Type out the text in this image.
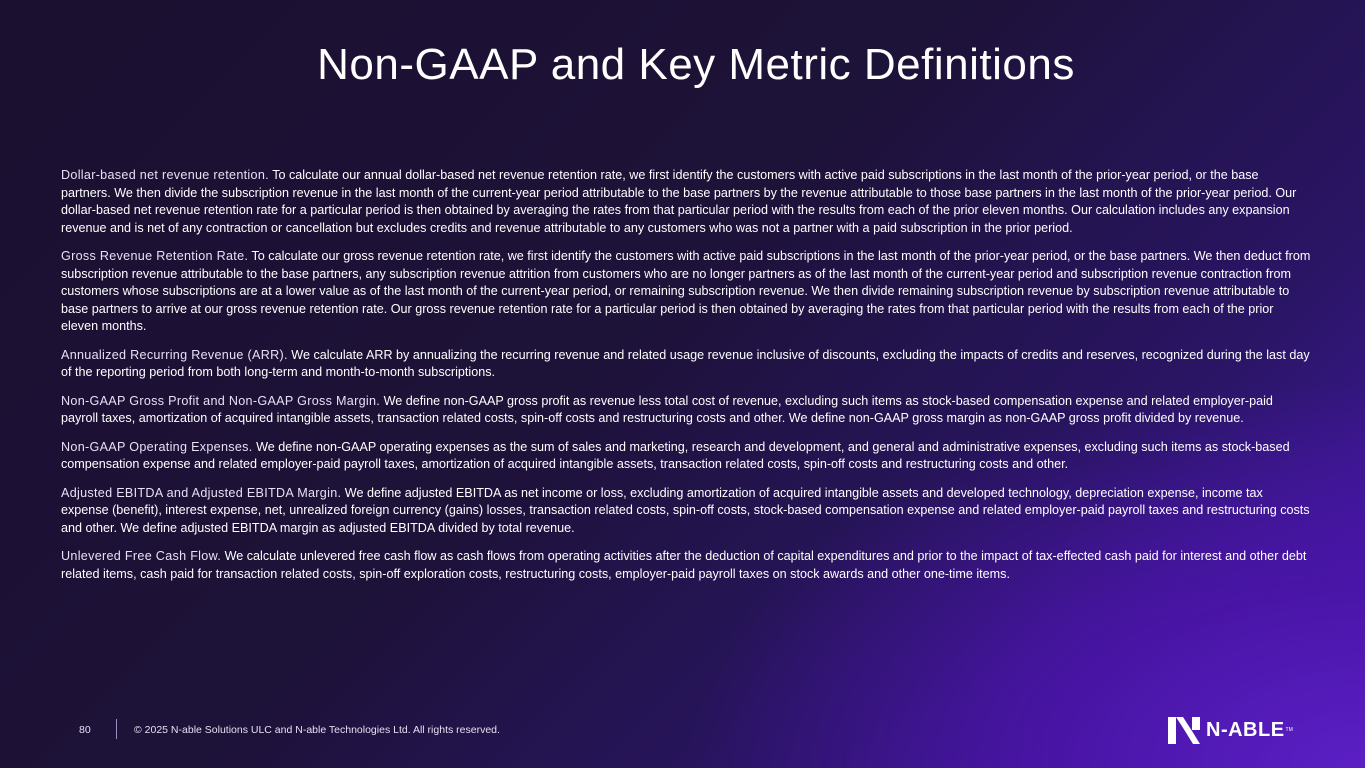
Non-GAAP and Key Metric Definitions

Dollar-based net revenue retention. To calculate our annual dollar-based net revenue retention rate, we first identify the customers with active paid subscriptions in the last month of the prior-year period, or the base partners. We then divide the subscription revenue in the last month of the current-year period attributable to the base partners by the revenue attributable to those base partners in the last month of the prior-year period. Our dollar-based net revenue retention rate for a particular period is then obtained by averaging the rates from that particular period with the results from each of the prior eleven months. Our calculation includes any expansion revenue and is net of any contraction or cancellation but excludes credits and revenue attributable to any customers who was not a partner with a paid subscription in the prior period.

Gross Revenue Retention Rate. To calculate our gross revenue retention rate, we first identify the customers with active paid subscriptions in the last month of the prior-year period, or the base partners. We then deduct from subscription revenue attributable to the base partners, any subscription revenue attrition from customers who are no longer partners as of the last month of the current-year period and subscription revenue contraction from customers whose subscriptions are at a lower value as of the last month of the current-year period, or remaining subscription revenue. We then divide remaining subscription revenue by subscription revenue attributable to base partners to arrive at our gross revenue retention rate. Our gross revenue retention rate for a particular period is then obtained by averaging the rates from that particular period with the results from each of the prior eleven months.

Annualized Recurring Revenue (ARR). We calculate ARR by annualizing the recurring revenue and related usage revenue inclusive of discounts, excluding the impacts of credits and reserves, recognized during the last day of the reporting period from both long-term and month-to-month subscriptions.

Non-GAAP Gross Profit and Non-GAAP Gross Margin. We define non-GAAP gross profit as revenue less total cost of revenue, excluding such items as stock-based compensation expense and related employer-paid payroll taxes, amortization of acquired intangible assets, transaction related costs, spin-off costs and restructuring costs and other. We define non-GAAP gross margin as non-GAAP gross profit divided by revenue.

Non-GAAP Operating Expenses. We define non-GAAP operating expenses as the sum of sales and marketing, research and development, and general and administrative expenses, excluding such items as stock-based compensation expense and related employer-paid payroll taxes, amortization of acquired intangible assets, transaction related costs, spin-off costs and restructuring costs and other.

Adjusted EBITDA and Adjusted EBITDA Margin. We define adjusted EBITDA as net income or loss, excluding amortization of acquired intangible assets and developed technology, depreciation expense, income tax expense (benefit), interest expense, net, unrealized foreign currency (gains) losses, transaction related costs, spin-off costs, stock-based compensation expense and related employer-paid payroll taxes and restructuring costs and other. We define adjusted EBITDA margin as adjusted EBITDA divided by total revenue.

Unlevered Free Cash Flow. We calculate unlevered free cash flow as cash flows from operating activities after the deduction of capital expenditures and prior to the impact of tax-effected cash paid for interest and other debt related items, cash paid for transaction related costs, spin-off exploration costs, restructuring costs, employer-paid payroll taxes on stock awards and other one-time items.

80	© 2025 N-able Solutions ULC and N-able Technologies Ltd. All rights reserved.	N-ABLE TM
